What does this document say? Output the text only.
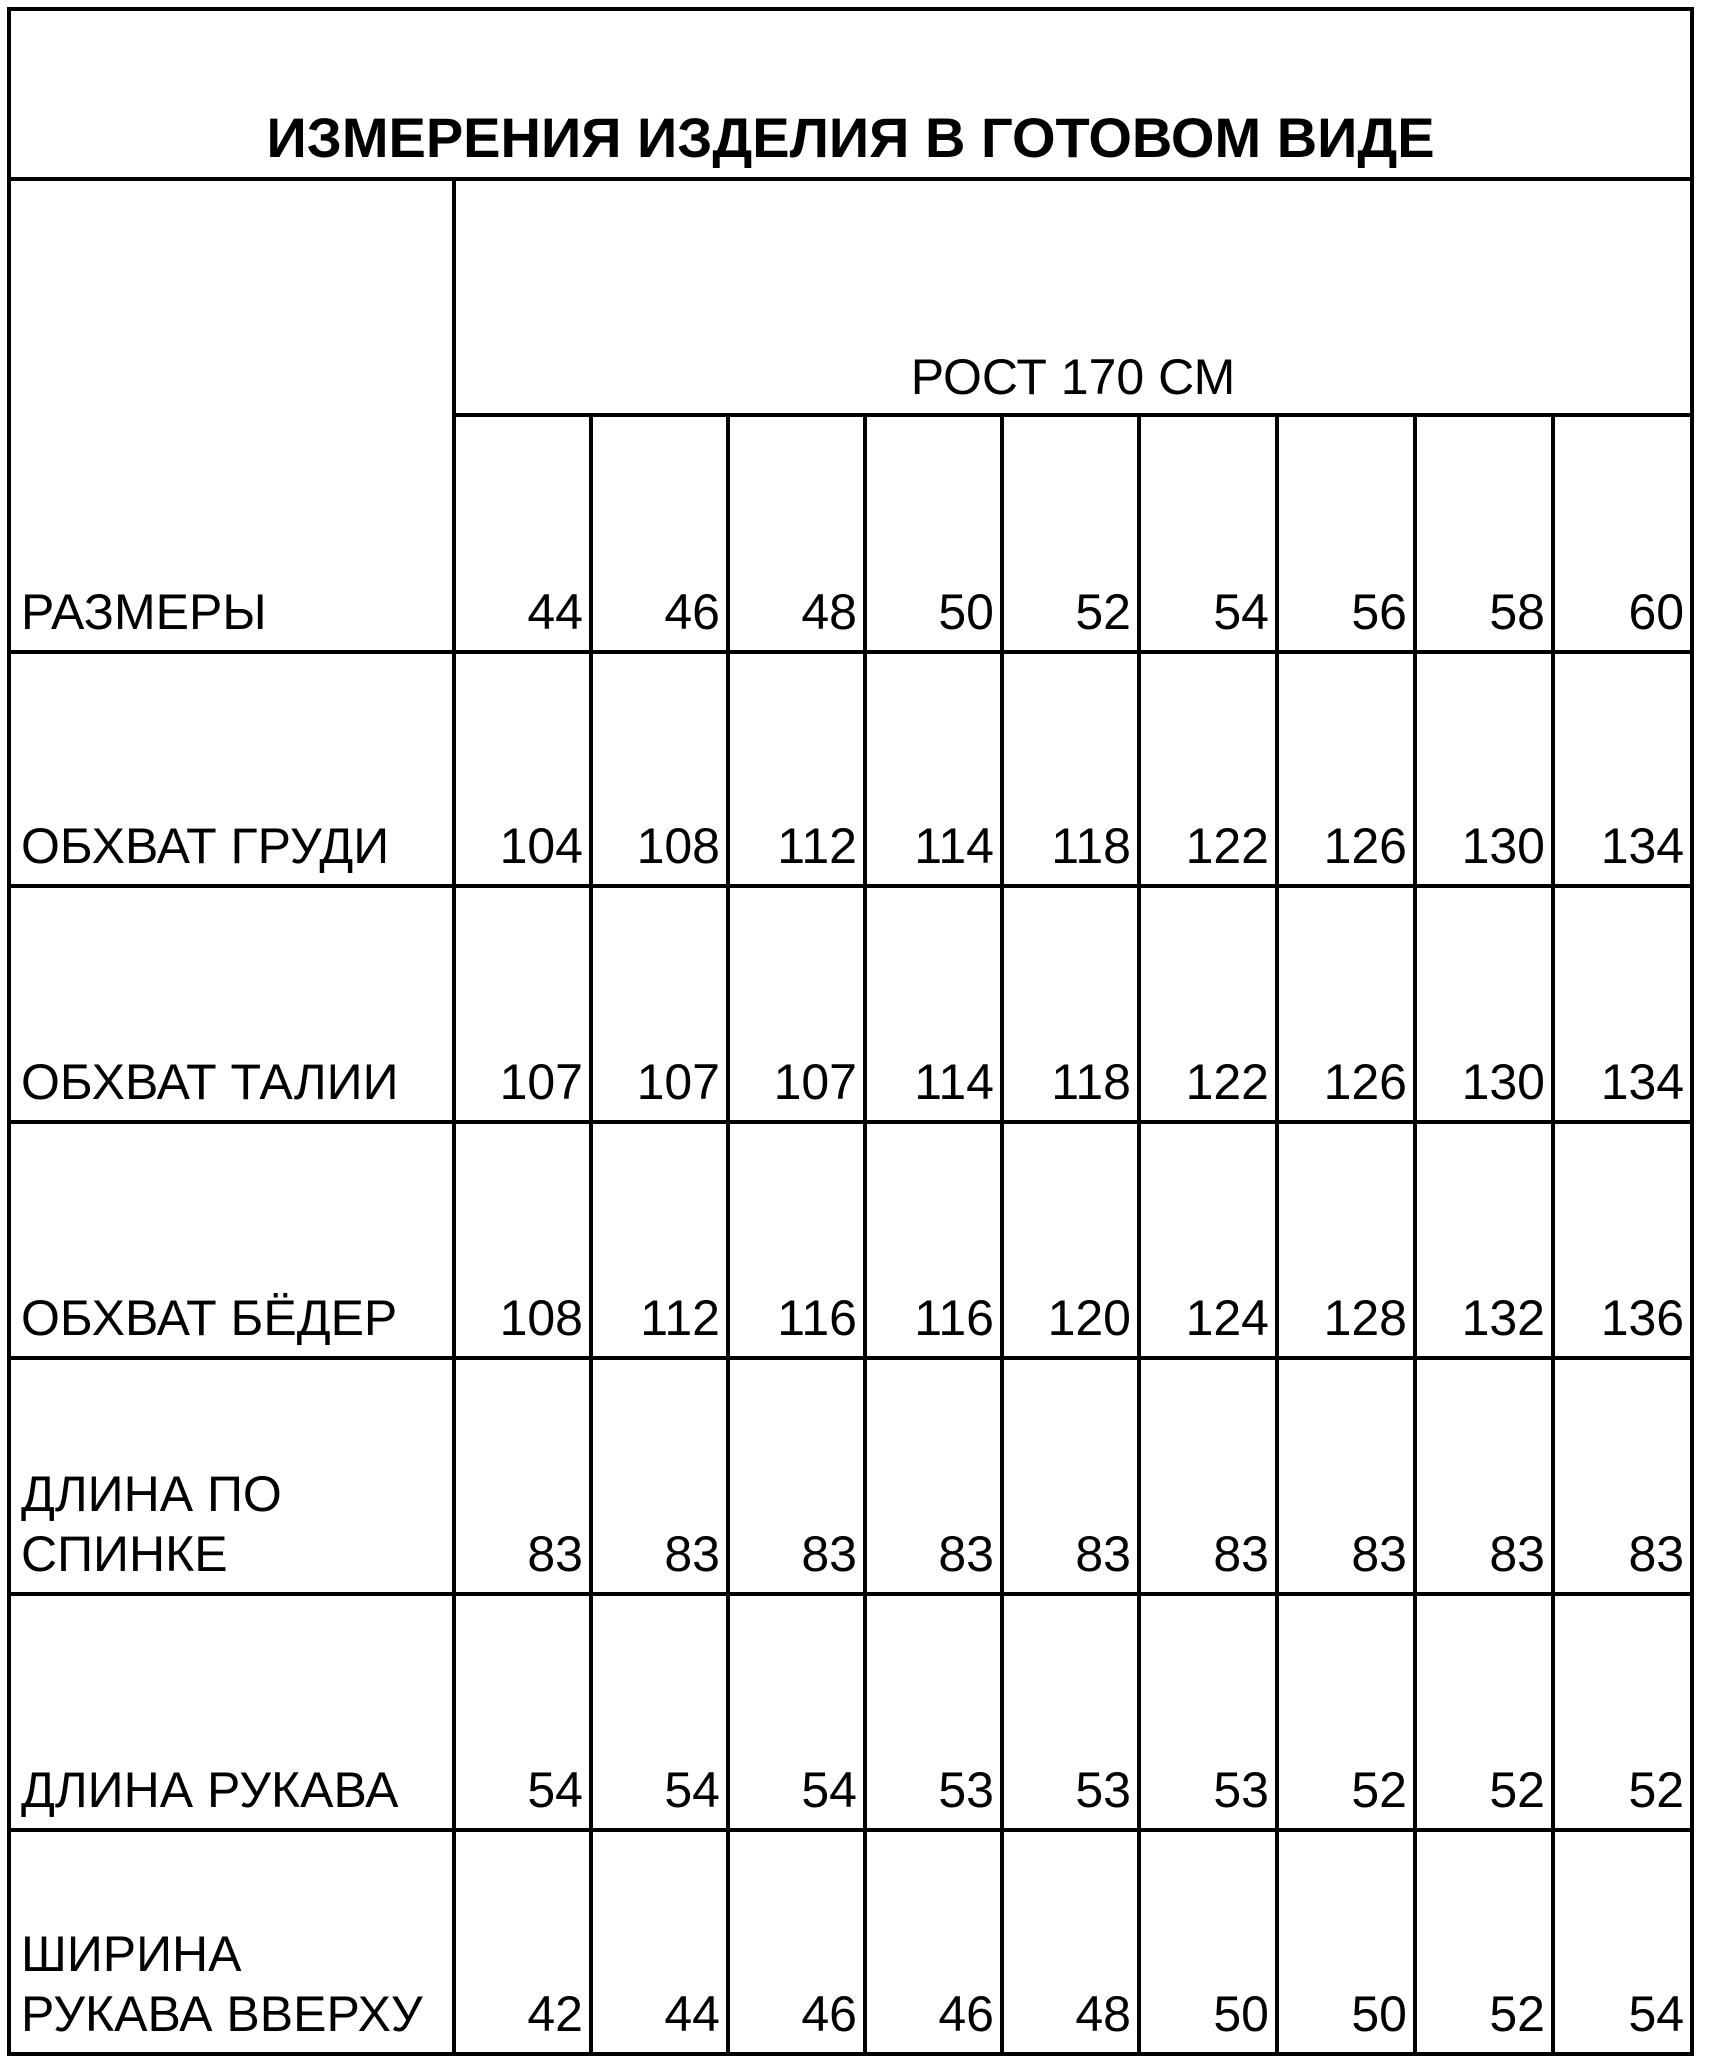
ИЗМЕРЕНИЯ ИЗДЕЛИЯ В ГОТОВОМ ВИДЕ									
	РОСТ 170 СМ								
РАЗМЕРЫ	44	46	48	50	52	54	56	58	60
ОБХВАТ ГРУДИ	104	108	112	114	118	122	126	130	134
ОБХВАТ ТАЛИИ	107	107	107	114	118	122	126	130	134
ОБХВАТ БЁДЕР	108	112	116	116	120	124	128	132	136
ДЛИНА ПО СПИНКЕ	83	83	83	83	83	83	83	83	83
ДЛИНА РУКАВА	54	54	54	53	53	53	52	52	52
ШИРИНА РУКАВА ВВЕРХУ	42	44	46	46	48	50	50	52	54
